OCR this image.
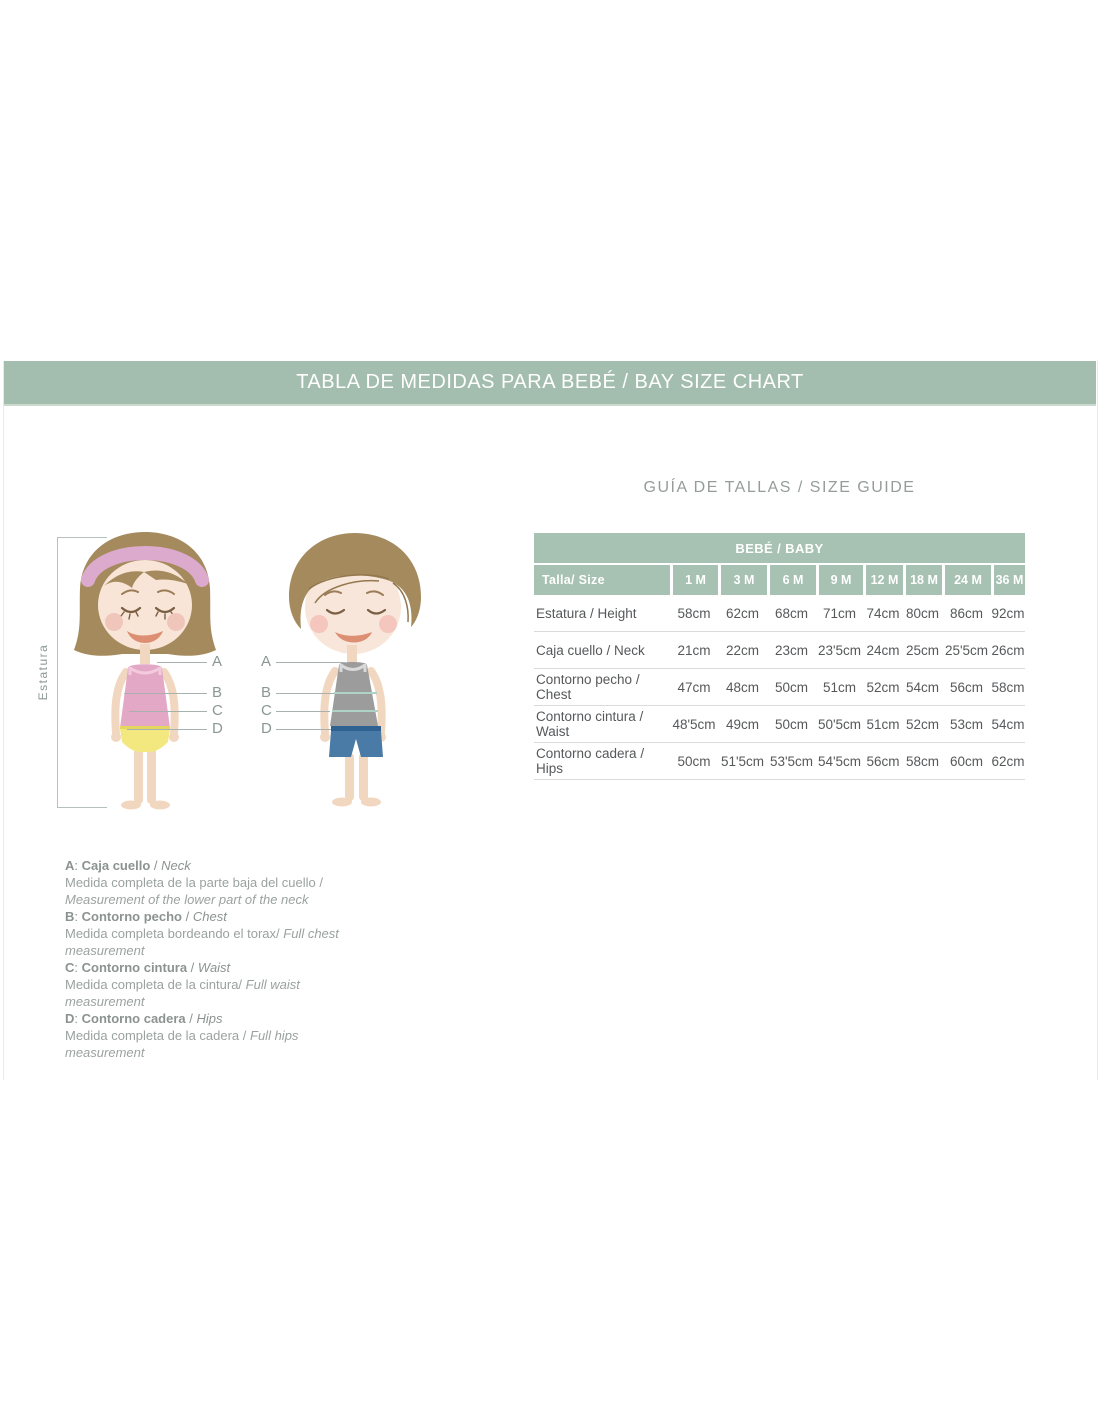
TABLA DE MEDIDAS PARA BEBÉ / BAY SIZE CHART
GUÍA DE TALLAS / SIZE GUIDE
Estatura	A
B
C
D
A
B
C
D
BEBÉ / BABY								

Talla/ Size	1 M	3 M	6 M	9 M	12 M	18 M	24 M	36 M
Estatura / Height	58cm	62cm	68cm	71cm	74cm	80cm	86cm	92cm
Caja cuello / Neck	21cm	22cm	23cm	23'5cm	24cm	25cm	25'5cm	26cm
Contorno pecho / Chest	47cm	48cm	50cm	51cm	52cm	54cm	56cm	58cm
Contorno cintura / Waist	48'5cm	49cm	50cm	50'5cm	51cm	52cm	53cm	54cm
Contorno cadera / Hips	50cm	51'5cm	53'5cm	54'5cm	56cm	58cm	60cm	62cm
A: Caja cuello / Neck
Medida completa de la parte baja del cuello / Measurement of the lower part of the neck
B: Contorno pecho / Chest
Medida completa bordeando el torax/ Full chest measurement
C: Contorno cintura / Waist
Medida completa de la cintura/ Full waist measurement
D: Contorno cadera / Hips
Medida completa de la cadera / Full hips measurement
